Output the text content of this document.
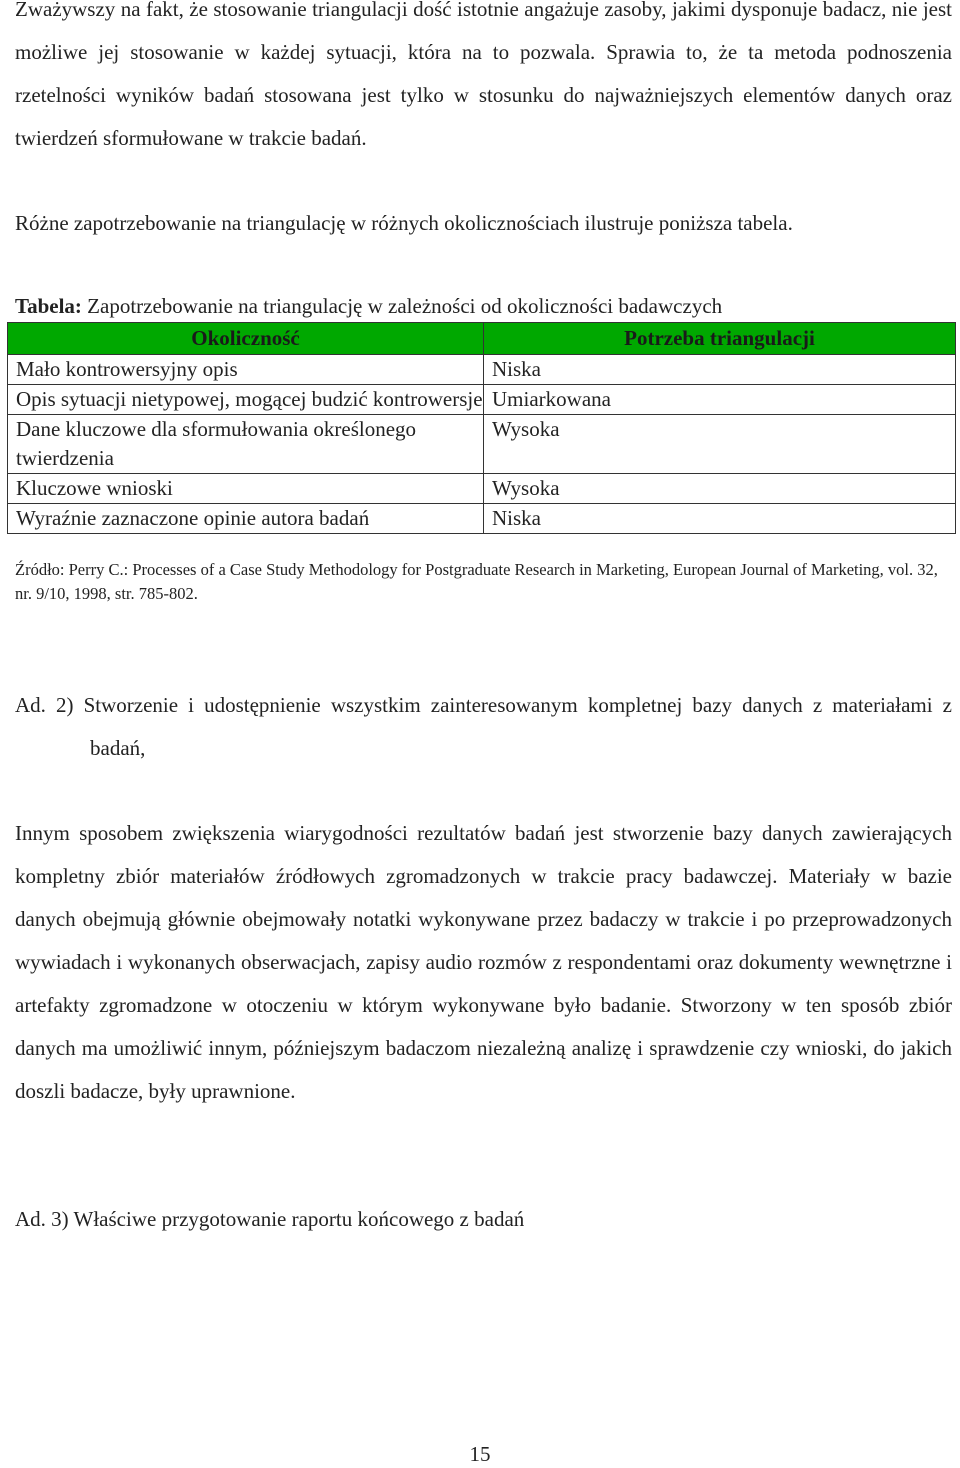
Zważywszy na fakt, że stosowanie triangulacji dość istotnie angażuje zasoby, jakimi dysponuje badacz, nie jest możliwe jej stosowanie w każdej sytuacji, która na to pozwala. Sprawia to, że ta metoda podnoszenia rzetelności wyników badań stosowana jest tylko w stosunku do najważniejszych elementów danych oraz twierdzeń sformułowane w trakcie badań.

Różne zapotrzebowanie na triangulację w różnych okolicznościach ilustruje poniższa tabela.

Tabela: Zapotrzebowanie na triangulację w zależności od okoliczności badawczych

Okoliczność	Potrzeba triangulacji
Mało kontrowersyjny opis	Niska
Opis sytuacji nietypowej, mogącej budzić kontrowersje	Umiarkowana
Dane kluczowe dla sformułowania określonego twierdzenia	Wysoka
Kluczowe wnioski	Wysoka
Wyraźnie zaznaczone opinie autora badań	Niska

Źródło: Perry C.: Processes of a Case Study Methodology for Postgraduate Research in Marketing, European Journal of Marketing, vol. 32, nr. 9/10, 1998, str. 785-802.

Ad. 2) Stworzenie i udostępnienie wszystkim zainteresowanym kompletnej bazy danych z materiałami z badań,

Innym sposobem zwiększenia wiarygodności rezultatów badań jest stworzenie bazy danych zawierających kompletny zbiór materiałów źródłowych zgromadzonych w trakcie pracy badawczej. Materiały w bazie danych obejmują głównie obejmowały notatki wykonywane przez badaczy w trakcie i po przeprowadzonych wywiadach i wykonanych obserwacjach, zapisy audio rozmów z respondentami oraz dokumenty wewnętrzne i artefakty zgromadzone w otoczeniu w którym wykonywane było badanie. Stworzony w ten sposób zbiór danych ma umożliwić innym, późniejszym badaczom niezależną analizę i sprawdzenie czy wnioski, do jakich doszli badacze, były uprawnione.

Ad. 3) Właściwe przygotowanie raportu końcowego z badań

15
